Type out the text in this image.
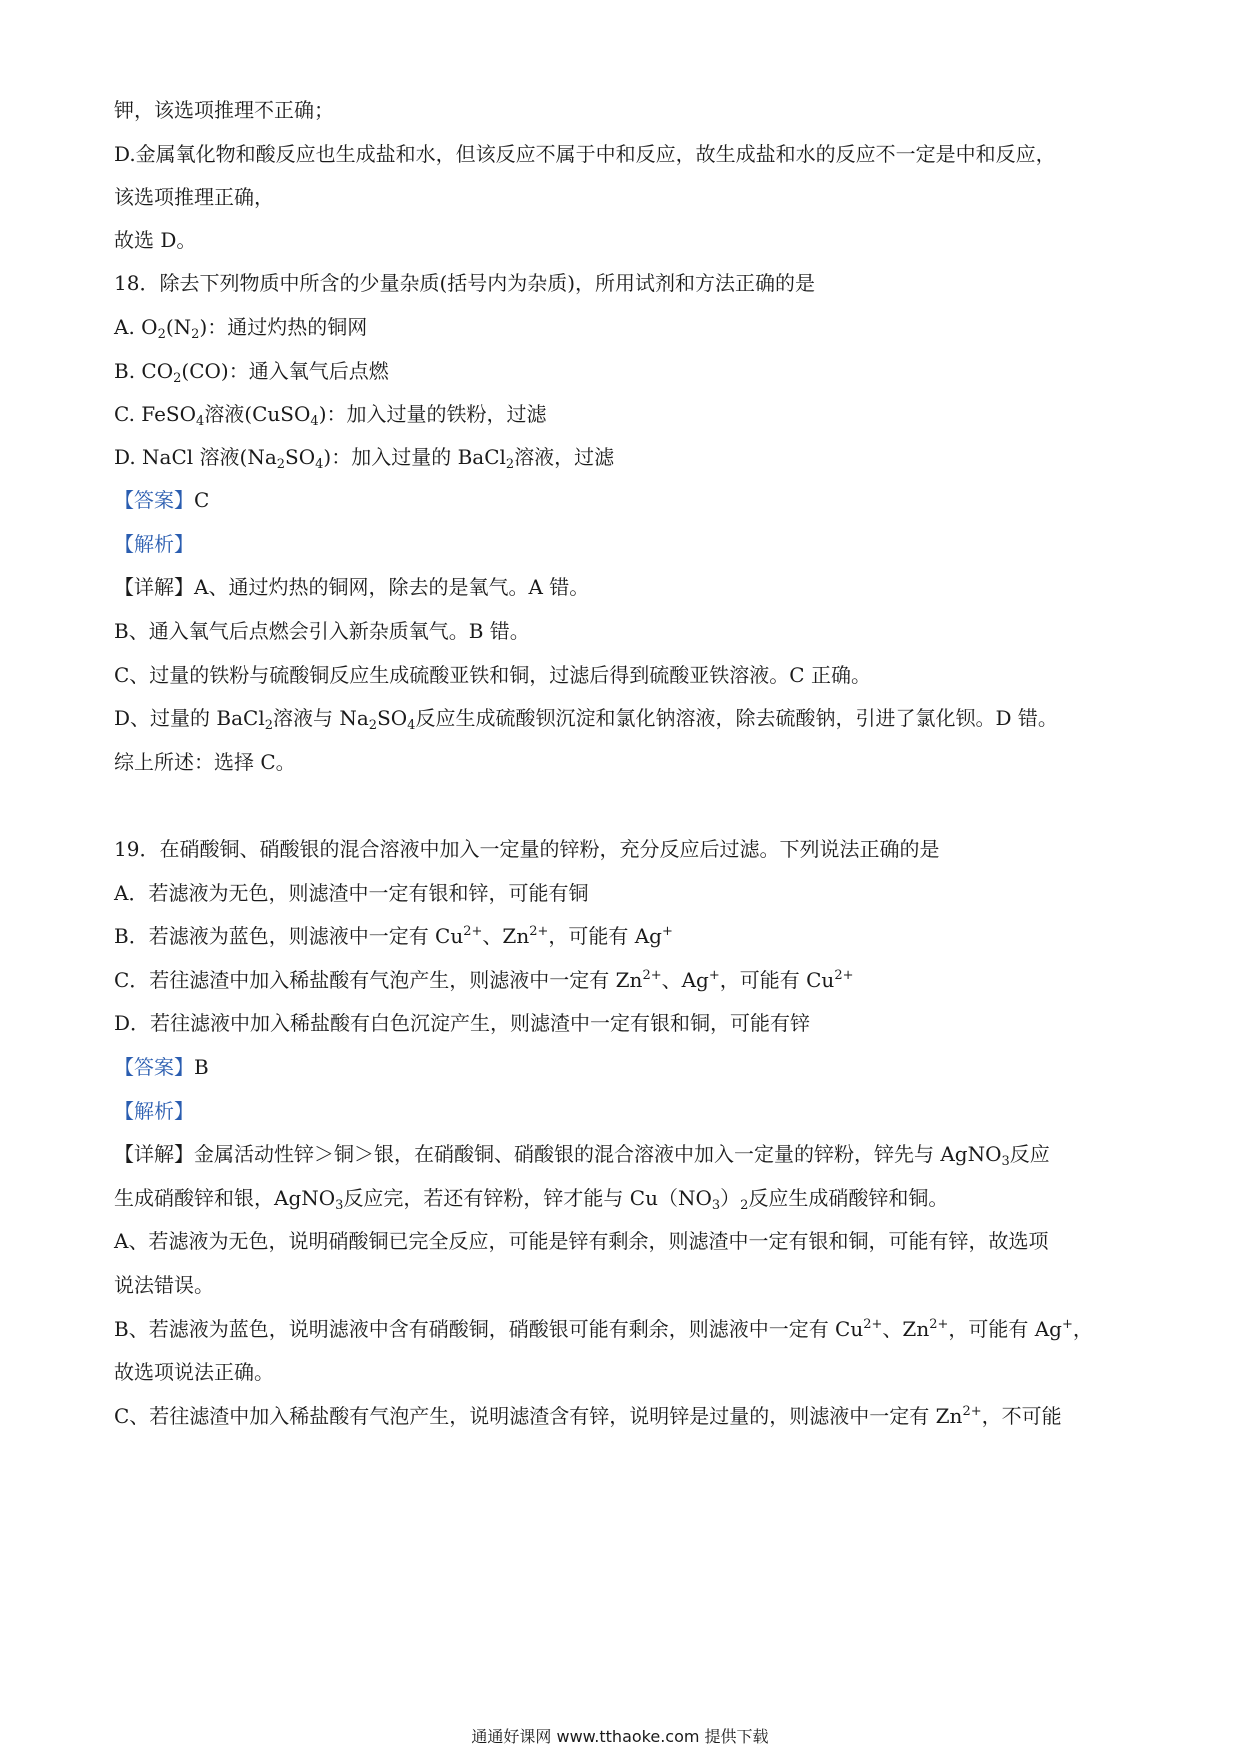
钾，该选项推理不正确；
D.金属氧化物和酸反应也生成盐和水，但该反应不属于中和反应，故生成盐和水的反应不一定是中和反应，
该选项推理正确，
故选 D。
18．除去下列物质中所含的少量杂质(括号内为杂质)，所用试剂和方法正确的是
A. $O_2(N_2)$：通过灼热的铜网
B. $CO_2(CO)$：通入氧气后点燃
C. FeSO$_4$溶液(CuSO$_4$)：加入过量的铁粉，过滤
D. NaCl 溶液$(Na_2SO_4)$：加入过量的 BaCl$_2$溶液，过滤
【答案】C
【解析】
【详解】A、通过灼热的铜网，除去的是氧气。A 错。
B、通入氧气后点燃会引入新杂质氧气。B 错。
C、过量的铁粉与硫酸铜反应生成硫酸亚铁和铜，过滤后得到硫酸亚铁溶液。C 正确。
D、过量的 BaCl$_2$溶液与 $Na_2SO_4$反应生成硫酸钡沉淀和氯化钠溶液，除去硫酸钠，引进了氯化钡。D 错。
综上所述：选择 C。
19．在硝酸铜、硝酸银的混合溶液中加入一定量的锌粉，充分反应后过滤。下列说法正确的是
A．若滤液为无色，则滤渣中一定有银和锌，可能有铜
B．若滤液为蓝色，则滤液中一定有 $Cu^{2+}$、$Zn^{2+}$，可能有 Ag+
C．若往滤渣中加入稀盐酸有气泡产生，则滤液中一定有 $Zn^{2+}$、Ag+，可能有 $Cu^{2+}$
D．若往滤液中加入稀盐酸有白色沉淀产生，则滤渣中一定有银和铜，可能有锌
【答案】B
【解析】
【详解】金属活动性锌＞铜＞银，在硝酸铜、硝酸银的混合溶液中加入一定量的锌粉，锌先与 AgNO$_3$反应
生成硝酸锌和银，AgNO$_3$反应完，若还有锌粉，锌才能与 $Cu(NO_3)_2$反应生成硝酸锌和铜。
A、若滤液为无色，说明硝酸铜已完全反应，可能是锌有剩余，则滤渣中一定有银和铜，可能有锌，故选项
说法错误。
B、若滤液为蓝色，说明滤液中含有硝酸铜，硝酸银可能有剩余，则滤液中一定有 $Cu^{2+}$、$Zn^{2+}$，可能有 Ag+，
故选项说法正确。
C、若往滤渣中加入稀盐酸有气泡产生，说明滤渣含有锌，说明锌是过量的，则滤液中一定有 $Zn^{2+}$，不可能
通通好课网 www.tthaoke.com 提供下载
